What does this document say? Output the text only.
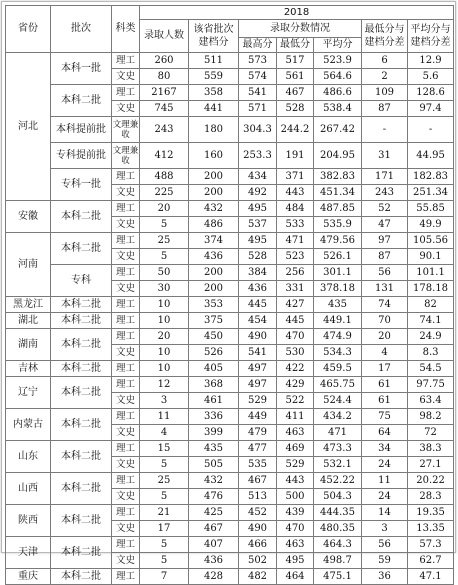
省份	批次	科类	2018						
			录取人数	该省批次建档分	录取分数情况			最低分与建档分差	平均分与建档分差
					最高分	最低分	平均分		
河北	本科一批	理工	260	511	573	517	523.9	6	12.9
		文史	80	559	574	561	564.6	2	5.6
	本科二批	理工	2167	358	541	467	486.6	109	128.6
		文史	745	441	571	528	538.4	87	97.4
	本科提前批	文理兼收	243	180	304.3	244.2	267.42	-	-
	专科提前批	文理兼收	412	160	253.3	191	204.95	31	44.95
	专科一批	理工	488	200	434	371	382.83	171	182.83
		文史	225	200	492	443	451.34	243	251.34
安徽	本科二批	理工	20	432	495	484	487.85	52	55.85
		文史	5	486	537	533	535.9	47	49.9
河南	本科二批	理工	25	374	495	471	479.56	97	105.56
		文史	5	436	528	523	526.1	87	90.1
	专科	理工	50	200	384	256	301.1	56	101.1
		文史	30	200	436	331	378.18	131	178.18
黑龙江	本科二批	理工	10	353	445	427	435	74	82
湖北	本科二批	理工	10	375	454	445	449.1	70	74.1
湖南	本科二批	理工	20	450	490	470	474.9	20	24.9
		文史	10	526	541	530	534.3	4	8.3
吉林	本科二批	理工	10	405	497	422	459.5	17	54.5
辽宁	本科二批	理工	12	368	497	429	465.75	61	97.75
		文史	3	461	529	522	524.4	61	63.4
内蒙古	本科二批	理工	11	336	449	411	434.2	75	98.2
		文史	4	399	479	463	471	64	72
山东	本科二批	理工	15	435	477	469	473.3	34	38.3
		文史	5	505	535	529	532.1	24	27.1
山西	本科二批	理工	25	432	467	443	452.22	11	20.22
		文史	5	476	513	500	504.3	24	28.3
陕西	本科二批	理工	21	425	452	439	444.35	14	19.35
		文史	17	467	490	470	480.35	3	13.35
天津	本科二批	理工	5	407	466	463	464.3	56	57.3
		文史	5	436	502	495	498.7	59	62.7
重庆	本科二批	理工	7	428	482	464	475.1	36	47.1
